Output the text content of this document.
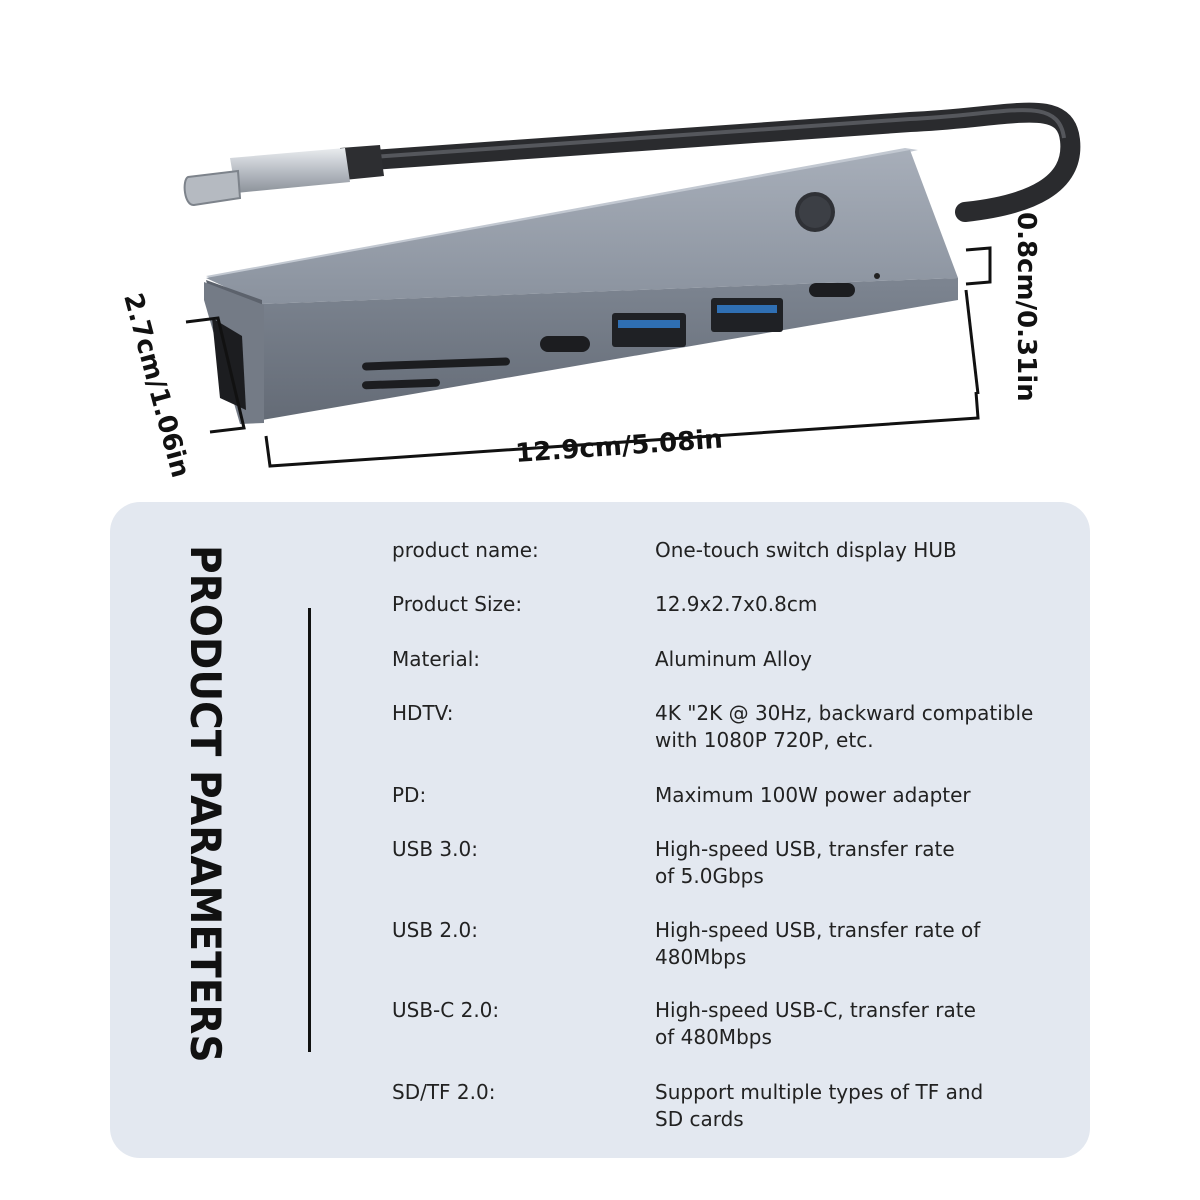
12.9cm/5.08in
2.7cm/1.06in	0.8cm/0.31in
PRODUCT PARAMETERS	product name:	One-touch switch display HUB
Product Size:	12.9x2.7x0.8cm
Material:	Aluminum Alloy
HDTV:	4K "2K @ 30Hz, backward compatible
with 1080P 720P, etc.
PD:	Maximum 100W power adapter
USB 3.0:	High-speed USB, transfer rate
of 5.0Gbps
USB 2.0:	High-speed USB, transfer rate of
480Mbps
USB-C 2.0:	High-speed USB-C, transfer rate
of 480Mbps
SD/TF 2.0:	Support multiple types of TF and
SD cards
